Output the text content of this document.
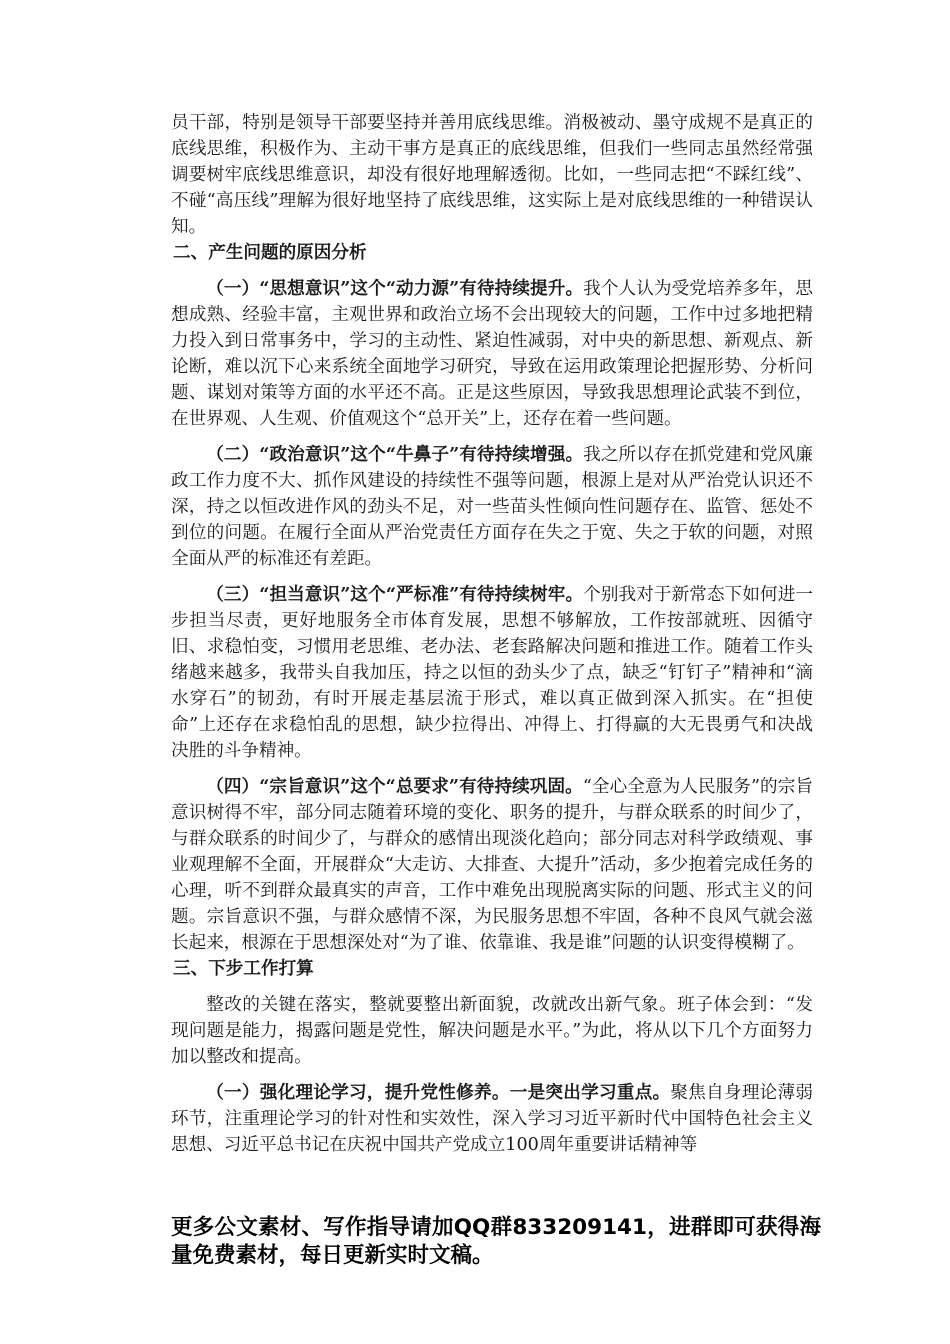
员干部，特别是领导干部要坚持并善用底线思维。消极被动、墨守成规不是真正的底线思维，积极作为、主动干事方是真正的底线思维，但我们一些同志虽然经常强调要树牢底线思维意识，却没有很好地理解透彻。比如，一些同志把“不踩红线”、不碰“高压线”理解为很好地坚持了底线思维，这实际上是对底线思维的一种错误认知。

二、产生问题的原因分析

（一）“思想意识”这个“动力源”有待持续提升。我个人认为受党培养多年，思想成熟、经验丰富，主观世界和政治立场不会出现较大的问题，工作中过多地把精力投入到日常事务中，学习的主动性、紧迫性减弱，对中央的新思想、新观点、新论断，难以沉下心来系统全面地学习研究，导致在运用政策理论把握形势、分析问题、谋划对策等方面的水平还不高。正是这些原因，导致我思想理论武装不到位，在世界观、人生观、价值观这个“总开关”上，还存在着一些问题。

（二）“政治意识”这个“牛鼻子”有待持续增强。我之所以存在抓党建和党风廉政工作力度不大、抓作风建设的持续性不强等问题，根源上是对从严治党认识还不深，持之以恒改进作风的劲头不足，对一些苗头性倾向性问题存在、监管、惩处不到位的问题。在履行全面从严治党责任方面存在失之于宽、失之于软的问题，对照全面从严的标准还有差距。

（三）“担当意识”这个“严标准”有待持续树牢。个别我对于新常态下如何进一步担当尽责，更好地服务全市体育发展，思想不够解放，工作按部就班、因循守旧、求稳怕变，习惯用老思维、老办法、老套路解决问题和推进工作。随着工作头绪越来越多，我带头自我加压，持之以恒的劲头少了点，缺乏“钉钉子”精神和“滴水穿石”的韧劲，有时开展走基层流于形式，难以真正做到深入抓实。在“担使命”上还存在求稳怕乱的思想，缺少拉得出、冲得上、打得赢的大无畏勇气和决战决胜的斗争精神。

（四）“宗旨意识”这个“总要求”有待持续巩固。“全心全意为人民服务”的宗旨意识树得不牢，部分同志随着环境的变化、职务的提升，与群众联系的时间少了，与群众联系的时间少了，与群众的感情出现淡化趋向；部分同志对科学政绩观、事业观理解不全面，开展群众“大走访、大排查、大提升”活动，多少抱着完成任务的心理，听不到群众最真实的声音，工作中难免出现脱离实际的问题、形式主义的问题。宗旨意识不强，与群众感情不深，为民服务思想不牢固，各种不良风气就会滋长起来，根源在于思想深处对“为了谁、依靠谁、我是谁”问题的认识变得模糊了。

三、下步工作打算

整改的关键在落实，整就要整出新面貌，改就改出新气象。班子体会到：“发现问题是能力，揭露问题是党性，解决问题是水平。”为此，将从以下几个方面努力加以整改和提高。

（一）强化理论学习，提升党性修养。一是突出学习重点。聚焦自身理论薄弱环节，注重理论学习的针对性和实效性，深入学习习近平新时代中国特色社会主义思想、习近平总书记在庆祝中国共产党成立100周年重要讲话精神等

更多公文素材、写作指导请加QQ群833209141，进群即可获得海量免费素材，每日更新实时文稿。
